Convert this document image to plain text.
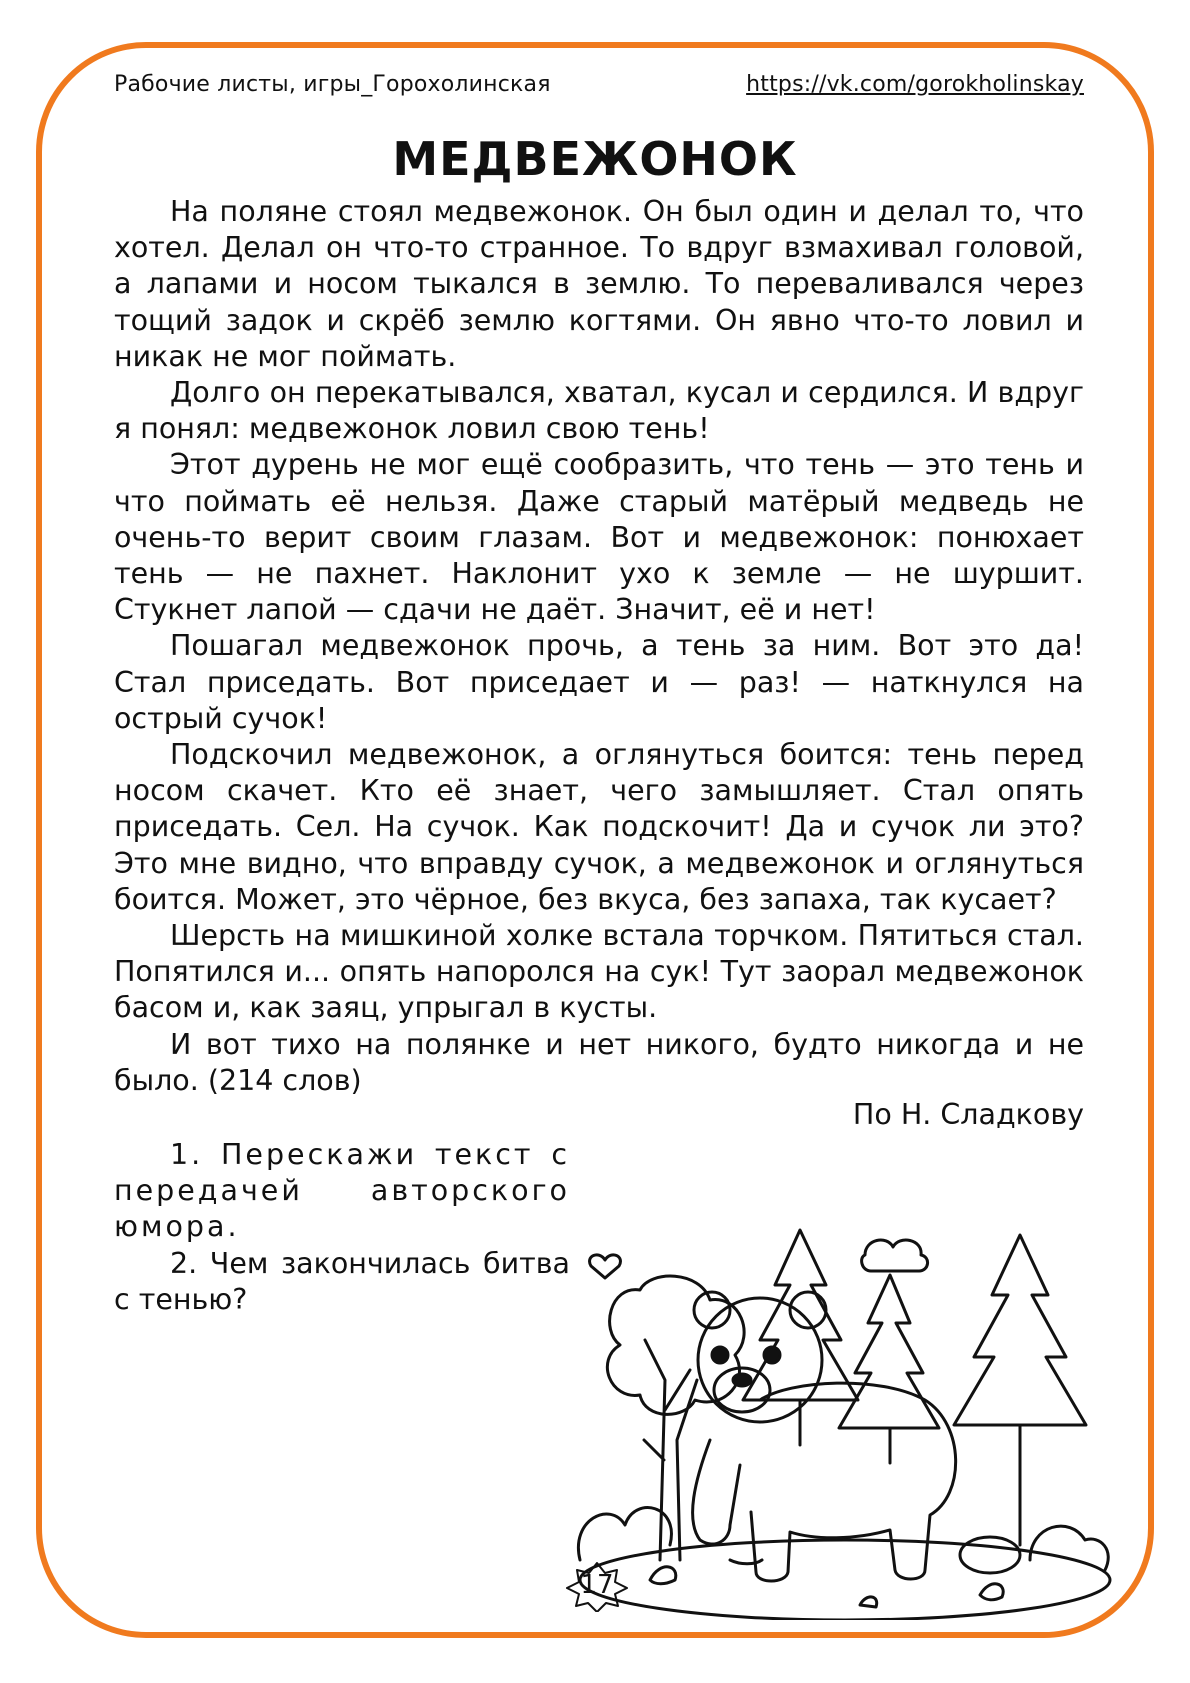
Рабочие листы, игры_Горохолинская	https://vk.com/gorokholinskay
МЕДВЕЖОНОК

На поляне стоял медвежонок. Он был один и делал то, что хотел. Делал он что-то странное. То вдруг взмахивал головой, а лапами и носом тыкался в землю. То переваливался через тощий задок и скрёб землю когтями. Он явно что-то ловил и никак не мог поймать.

Долго он перекатывался, хватал, кусал и сердился. И вдруг я понял: медвежонок ловил свою тень!

Этот дурень не мог ещё сообразить, что тень — это тень и что поймать её нельзя. Даже старый матёрый медведь не очень-то верит своим глазам. Вот и медвежонок: понюхает тень — не пахнет. Наклонит ухо к земле — не шуршит. Стукнет лапой — сдачи не даёт. Значит, её и нет!

Пошагал медвежонок прочь, а тень за ним. Вот это да! Стал приседать. Вот приседает и — раз! — наткнулся на острый сучок!

Подскочил медвежонок, а оглянуться боится: тень перед носом скачет. Кто её знает, чего замышляет. Стал опять приседать. Сел. На сучок. Как подскочит! Да и сучок ли это? Это мне видно, что вправду сучок, а медвежонок и оглянуться боится. Может, это чёрное, без вкуса, без запаха, так кусает?

Шерсть на мишкиной холке встала торчком. Пятиться стал. Попятился и... опять напоролся на сук! Тут заорал медвежонок басом и, как заяц, упрыгал в кусты.

И вот тихо на полянке и нет никого, будто никогда и не было. (214 слов)

По Н. Сладкову

1. Перескажи текст с передачей авторского юмора.

2. Чем закончилась битва с тенью?

17
